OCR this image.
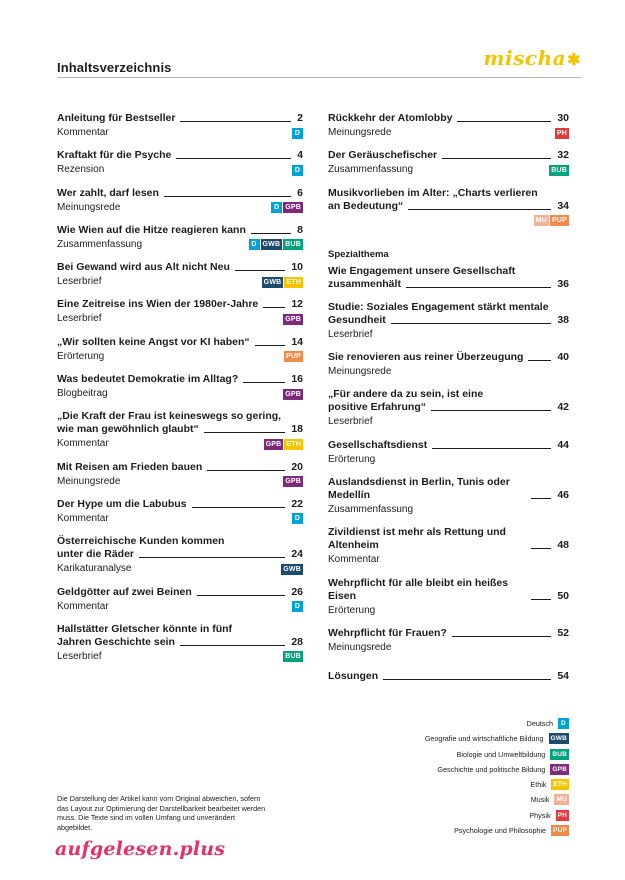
Inhaltsverzeichnis	mischa✱
Anleitung für Bestseller	2
Kommentar	D
Kraftakt für die Psyche	4
Rezension	D
Wer zahlt, darf lesen	6
Meinungsrede	D GPB
Wie Wien auf die Hitze reagieren kann	8
Zusammenfassung	D GWB BUB
Bei Gewand wird aus Alt nicht Neu	10
Leserbrief	GWB ETH
Eine Zeitreise ins Wien der 1980er-Jahre	12
Leserbrief	GPB
„Wir sollten keine Angst vor KI haben“	14
Erörterung	PUP
Was bedeutet Demokratie im Alltag?	16
Blogbeitrag	GPB
„Die Kraft der Frau ist keineswegs so gering,
wie man gewöhnlich glaubt“	18
Kommentar	GPB ETH
Mit Reisen am Frieden bauen	20
Meinungsrede	GPB
Der Hype um die Labubus	22
Kommentar	D
Österreichische Kunden kommen
unter die Räder	24
Karikaturanalyse	GWB
Geldgötter auf zwei Beinen	26
Kommentar	D
Hallstätter Gletscher könnte in fünf
Jahren Geschichte sein	28
Leserbrief	BUB
Rückkehr der Atomlobby	30
Meinungsrede	PH
Der Geräuschefischer	32
Zusammenfassung	BUB
Musikvorlieben im Alter: „Charts verlieren
an Bedeutung“	34
MU PUP
Spezialthema
Wie Engagement unsere Gesellschaft
zusammenhält	36
Studie: Soziales Engagement stärkt mentale
Gesundheit	38
Leserbrief
Sie renovieren aus reiner Überzeugung	40
Meinungsrede
„Für andere da zu sein, ist eine
positive Erfahrung“	42
Leserbrief
Gesellschaftsdienst	44
Erörterung
Auslandsdienst in Berlin, Tunis oder Medellín	46
Zusammenfassung
Zivildienst ist mehr als Rettung und Altenheim	48
Kommentar
Wehrpflicht für alle bleibt ein heißes Eisen	50
Erörterung
Wehrpflicht für Frauen?	52
Meinungsrede
Lösungen	54
Deutsch	D
Geografie und wirtschaftliche Bildung	GWB
Biologie und Umweltbildung	BUB
Geschichte und politische Bildung	GPB
Ethik	ETH
Musik	MU
Physik	PH
Psychologie und Philosophie	PUP
Die Darstellung der Artikel kann vom Original abweichen, sofern das Layout zur Optimierung der Darstellbarkeit bearbeitet werden muss. Die Texte sind im vollen Umfang und unverändert abgebildet.
aufgelesen.plus
